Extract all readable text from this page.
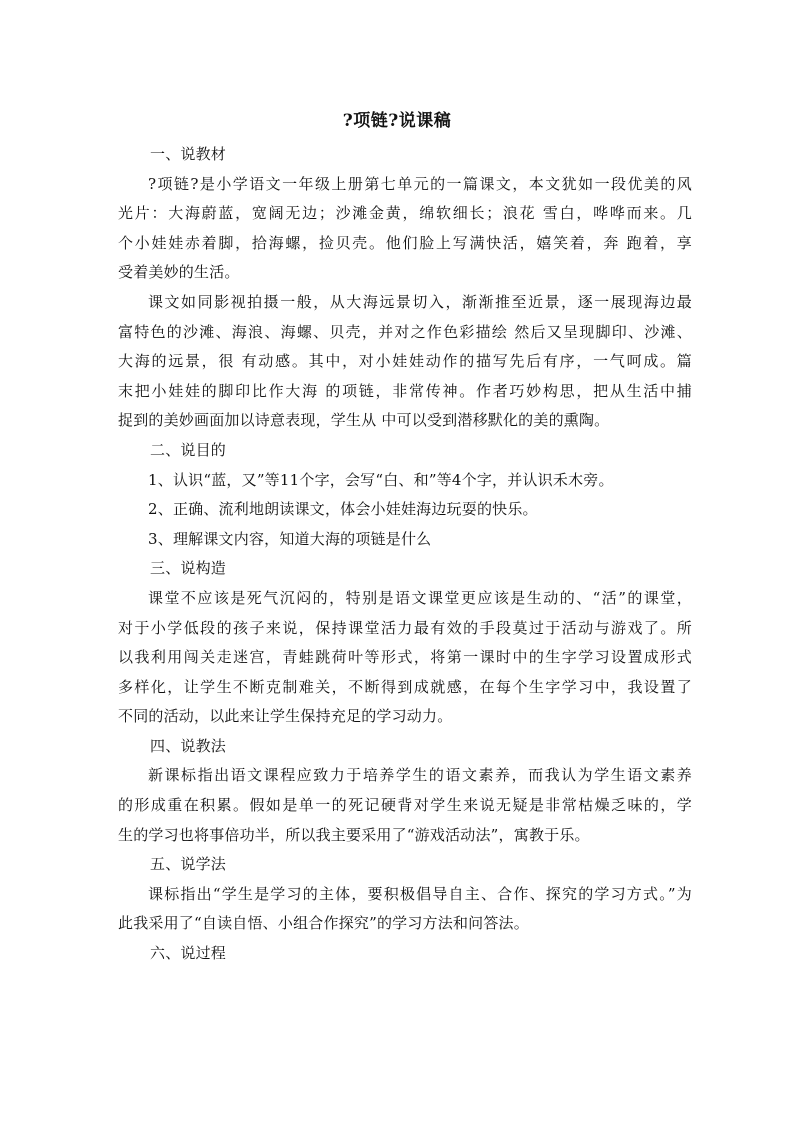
?项链?说课稿
一、说教材
?项链?是小学语文一年级上册第七单元的一篇课文，本文犹如一段优美的风
光片：大海蔚蓝，宽阔无边；沙滩金黄，绵软细长；浪花 雪白，哗哗而来。几
个小娃娃赤着脚，拾海螺，捡贝壳。他们脸上写满快活，嬉笑着，奔 跑着，享
受着美妙的生活。
课文如同影视拍摄一般，从大海远景切入，渐渐推至近景，逐一展现海边最
富特色的沙滩、海浪、海螺、贝壳，并对之作色彩描绘 然后又呈现脚印、沙滩、
大海的远景，很 有动感。其中，对小娃娃动作的描写先后有序，一气呵成。篇
末把小娃娃的脚印比作大海 的项链，非常传神。作者巧妙构思，把从生活中捕
捉到的美妙画面加以诗意表现，学生从 中可以受到潜移默化的美的熏陶。
二、说目的
1、认识“蓝，又”等11个字，会写“白、和”等4个字，并认识禾木旁。
2、正确、流利地朗读课文，体会小娃娃海边玩耍的快乐。
3、理解课文内容，知道大海的项链是什么
三、说构造
课堂不应该是死气沉闷的，特别是语文课堂更应该是生动的、“活”的课堂，
对于小学低段的孩子来说，保持课堂活力最有效的手段莫过于活动与游戏了。所
以我利用闯关走迷宫，青蛙跳荷叶等形式，将第一课时中的生字学习设置成形式
多样化，让学生不断克制难关，不断得到成就感，在每个生字学习中，我设置了
不同的活动，以此来让学生保持充足的学习动力。
四、说教法
新课标指出语文课程应致力于培养学生的语文素养，而我认为学生语文素养
的形成重在积累。假如是单一的死记硬背对学生来说无疑是非常枯燥乏味的，学
生的学习也将事倍功半，所以我主要采用了“游戏活动法”，寓教于乐。
五、说学法
课标指出“学生是学习的主体，要积极倡导自主、合作、探究的学习方式。”为
此我采用了“自读自悟、小组合作探究”的学习方法和问答法。
六、说过程
